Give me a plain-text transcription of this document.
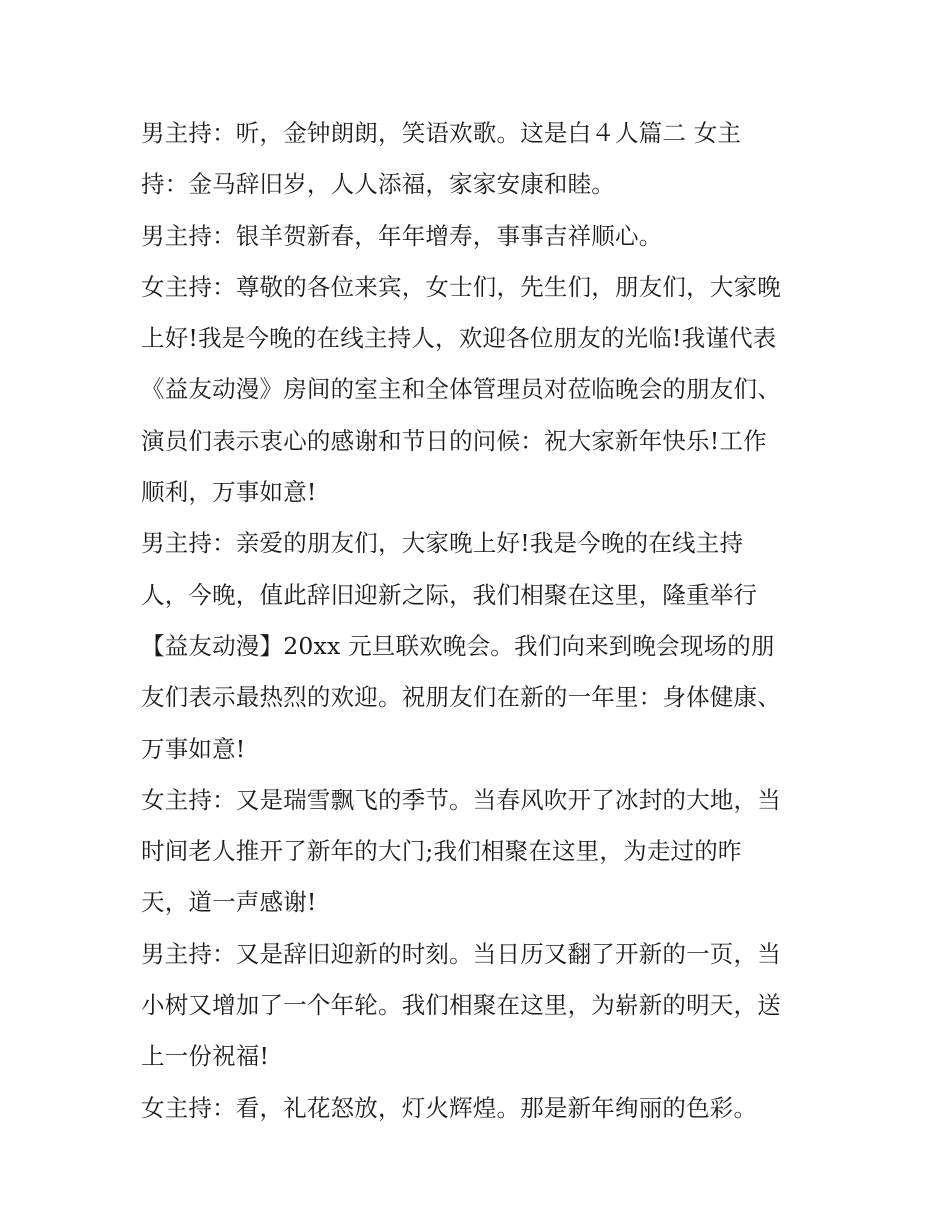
男主持：听，金钟朗朗，笑语欢歌。这是白４人篇二 女主
持：金马辞旧岁，人人添福，家家安康和睦。
男主持：银羊贺新春，年年增寿，事事吉祥顺心。
女主持：尊敬的各位来宾，女士们，先生们，朋友们，大家晚
上好!我是今晚的在线主持人，欢迎各位朋友的光临!我谨代表
《益友动漫》房间的室主和全体管理员对莅临晚会的朋友们、
演员们表示衷心的感谢和节日的问候：祝大家新年快乐!工作
顺利，万事如意!
男主持：亲爱的朋友们，大家晚上好!我是今晚的在线主持
人，今晚，值此辞旧迎新之际，我们相聚在这里，隆重举行
【益友动漫】20xx 元旦联欢晚会。我们向来到晚会现场的朋
友们表示最热烈的欢迎。祝朋友们在新的一年里：身体健康、
万事如意!
女主持：又是瑞雪飘飞的季节。当春风吹开了冰封的大地，当
时间老人推开了新年的大门;我们相聚在这里，为走过的昨
天，道一声感谢!
男主持：又是辞旧迎新的时刻。当日历又翻了开新的一页，当
小树又增加了一个年轮。我们相聚在这里，为崭新的明天，送
上一份祝福!
女主持：看，礼花怒放，灯火辉煌。那是新年绚丽的色彩。
